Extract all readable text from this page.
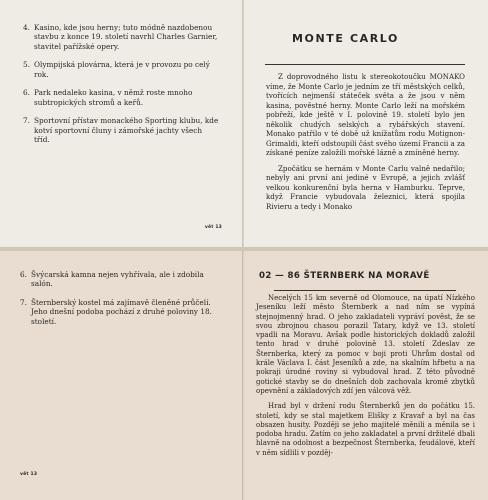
4. Kasino, kde jsou herny; tuto módně nazdobenou stavbu z konce 19. století navrhl Charles Garnier, stavitel pařížské opery.
5. Olympijská plovárna, která je v provozu po celý rok.
6. Park nedaleko kasina, v němž roste mnoho subtropických stromů a keřů.
7. Sportovní přístav monackého Sporting klubu, kde kotví sportovní čluny i zámořské jachty všech tříd.
vět 13
MONTE CARLO

Z doprovodného listu k stereokotoučku MONAKO víme, že Monte Carlo je jedním ze tří městských celků, tvořících nejmenší státeček světa a že jsou v něm kasina, pověstné herny. Monte Carlo leží na mořském pobřeží, kde ještě v I. polovině 19. století bylo jen několik chudých selských a rybářských stavení. Monako patřilo v té době už knížatům rodu Motignon-Grimaldi, kteří odstoupili část svého území Francii a za získané peníze založili mořské lázně a zmíněné herny.

Zpočátku se hernám v Monte Carlu valně nedařilo; nebyly ani první ani jediné v Evropě, a jejich zvlášť velkou konkurenční byla herna v Hamburku. Teprve, když Francie vybudovala železnici, která spojila Rivieru a tedy i Monako

6. Švýcarská kamna nejen vyhřívala, ale i zdobila salón.
7. Šternberský kostel má zajímavě členěné průčelí. Jeho dnešní podoba pochází z druhé poloviny 18. století.
vět 13
02 — 86 ŠTERNBERK NA MORAVĚ

Necelých 15 km severně od Olomouce, na úpatí Nízkého Jeseníku leží město Šternberk a nad ním se vypíná stejnojmenný hrad. O jeho zakladateli vypráví pověst, že se svou zbrojnou chasou porazil Tatary, když ve 13. století vpadli na Moravu. Avšak podle historických dokladů založil tento hrad v druhé polovině 13. století Zdeslav ze Šternberka, který za pomoc v boji proti Uhrům dostal od krále Václava I. část Jeseníků a zde, na skalním hřbetu a na pokraji úrodné roviny si vybudoval hrad. Z této původně gotické stavby se do dnešních dob zachovala kromě zbytků opevnění a základových zdí jen válcová věž.

Hrad byl v držení rodu Šternberků jen do počátku 15. století, kdy se stal majetkem Elišky z Kravař a byl na čas obsazen husity. Později se jeho majitelé měnili a měnila se i podoba hradu. Zatím co jeho zakladatel a první držitelé dbali hlavně na odolnost a bezpečnost Šternberka, feudálové, kteří v něm sídlili v pozděj-
